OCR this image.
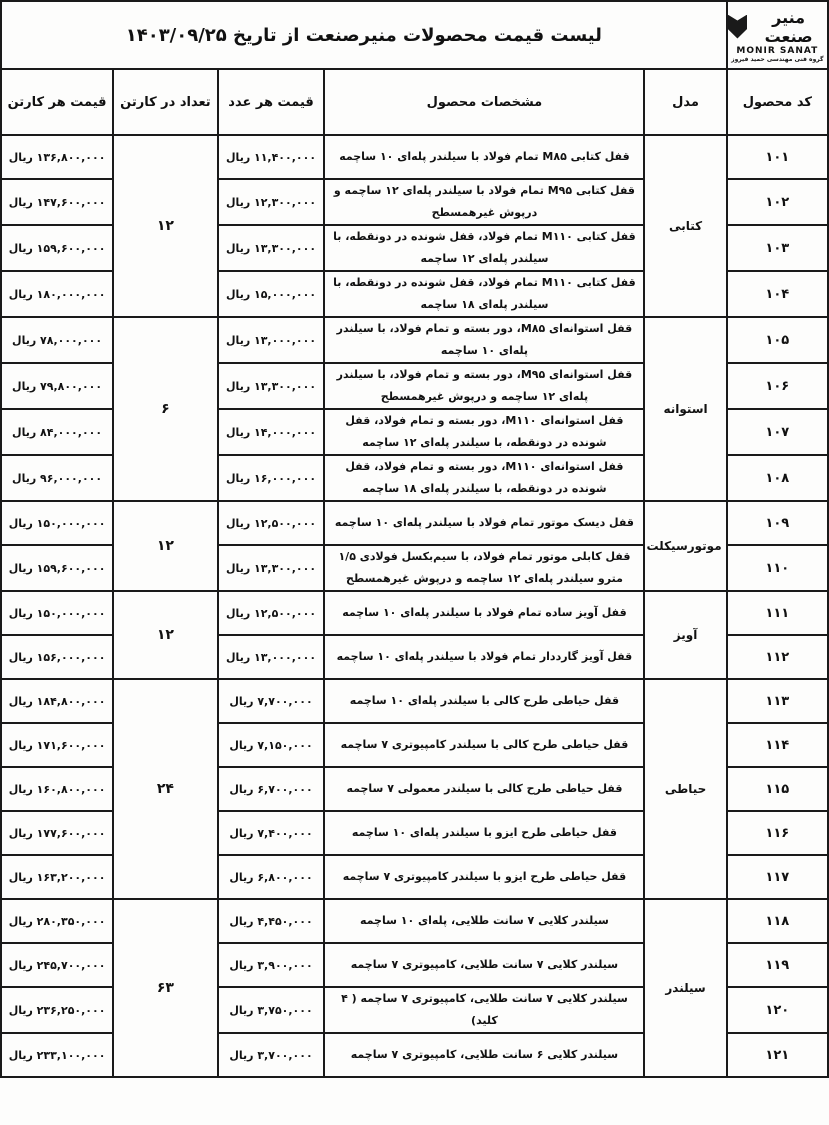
منیر صنعت
MONIR SANAT
گروه فنی مهندسی حمید فیروز	لیست قیمت محصولات منیرصنعت از تاریخ ۱۴۰۳/۰۹/۲۵				
کد محصول	مدل	مشخصات محصول	قیمت هر عدد	تعداد در کارتن	قیمت هر کارتن
۱۰۱	کتابی	قفل کتابی M۸۵ تمام فولاد با سیلندر پله‌ای ۱۰ ساچمه	۱۱,۴۰۰,۰۰۰ ریال	۱۲	۱۳۶,۸۰۰,۰۰۰ ریال
۱۰۲		قفل کتابی M۹۵ تمام فولاد با سیلندر پله‌ای ۱۲ ساچمه و درپوش غیرهمسطح	۱۲,۳۰۰,۰۰۰ ریال		۱۴۷,۶۰۰,۰۰۰ ریال
۱۰۳		قفل کتابی M۱۱۰ تمام فولاد، قفل شونده در دونقطه، با سیلندر پله‌ای ۱۲ ساچمه	۱۳,۳۰۰,۰۰۰ ریال		۱۵۹,۶۰۰,۰۰۰ ریال
۱۰۴		قفل کتابی M۱۱۰ تمام فولاد، قفل شونده در دونقطه، با سیلندر پله‌ای ۱۸ ساچمه	۱۵,۰۰۰,۰۰۰ ریال		۱۸۰,۰۰۰,۰۰۰ ریال
۱۰۵	استوانه	قفل استوانه‌ای M۸۵، دور بسته و تمام فولاد، با سیلندر پله‌ای ۱۰ ساچمه	۱۳,۰۰۰,۰۰۰ ریال	۶	۷۸,۰۰۰,۰۰۰ ریال
۱۰۶		قفل استوانه‌ای M۹۵، دور بسته و تمام فولاد، با سیلندر پله‌ای ۱۲ ساچمه و درپوش غیرهمسطح	۱۳,۳۰۰,۰۰۰ ریال		۷۹,۸۰۰,۰۰۰ ریال
۱۰۷		قفل استوانه‌ای M۱۱۰، دور بسته و تمام فولاد، قفل شونده در دونقطه، با سیلندر پله‌ای ۱۲ ساچمه	۱۴,۰۰۰,۰۰۰ ریال		۸۴,۰۰۰,۰۰۰ ریال
۱۰۸		قفل استوانه‌ای M۱۱۰، دور بسته و تمام فولاد، قفل شونده در دونقطه، با سیلندر پله‌ای ۱۸ ساچمه	۱۶,۰۰۰,۰۰۰ ریال		۹۶,۰۰۰,۰۰۰ ریال
۱۰۹	موتورسیکلت	قفل دیسک موتور تمام فولاد با سیلندر پله‌ای ۱۰ ساچمه	۱۲,۵۰۰,۰۰۰ ریال	۱۲	۱۵۰,۰۰۰,۰۰۰ ریال
۱۱۰		قفل کابلی موتور تمام فولاد، با سیم‌بکسل فولادی ۱/۵ مترو سیلندر پله‌ای ۱۲ ساچمه و درپوش غیرهمسطح	۱۳,۳۰۰,۰۰۰ ریال		۱۵۹,۶۰۰,۰۰۰ ریال
۱۱۱	آویز	قفل آویز ساده تمام فولاد با سیلندر پله‌ای ۱۰ ساچمه	۱۲,۵۰۰,۰۰۰ ریال	۱۲	۱۵۰,۰۰۰,۰۰۰ ریال
۱۱۲		قفل آویز گارددار تمام فولاد با سیلندر پله‌ای ۱۰ ساچمه	۱۳,۰۰۰,۰۰۰ ریال		۱۵۶,۰۰۰,۰۰۰ ریال
۱۱۳	حیاطی	قفل حیاطی طرح کالی با سیلندر پله‌ای ۱۰ ساچمه	۷,۷۰۰,۰۰۰ ریال	۲۴	۱۸۴,۸۰۰,۰۰۰ ریال
۱۱۴		قفل حیاطی طرح کالی با سیلندر کامپیوتری ۷ ساچمه	۷,۱۵۰,۰۰۰ ریال		۱۷۱,۶۰۰,۰۰۰ ریال
۱۱۵		قفل حیاطی طرح کالی با سیلندر معمولی ۷ ساچمه	۶,۷۰۰,۰۰۰ ریال		۱۶۰,۸۰۰,۰۰۰ ریال
۱۱۶		قفل حیاطی طرح ایزو با سیلندر پله‌ای ۱۰ ساچمه	۷,۴۰۰,۰۰۰ ریال		۱۷۷,۶۰۰,۰۰۰ ریال
۱۱۷		قفل حیاطی طرح ایزو با سیلندر کامپیوتری ۷ ساچمه	۶,۸۰۰,۰۰۰ ریال		۱۶۳,۲۰۰,۰۰۰ ریال
۱۱۸	سیلندر	سیلندر کلایی ۷ سانت طلایی، پله‌ای ۱۰ ساچمه	۴,۴۵۰,۰۰۰ ریال	۶۳	۲۸۰,۳۵۰,۰۰۰ ریال
۱۱۹		سیلندر کلایی ۷ سانت طلایی، کامپیوتری ۷ ساچمه	۳,۹۰۰,۰۰۰ ریال		۲۴۵,۷۰۰,۰۰۰ ریال
۱۲۰		سیلندر کلایی ۷ سانت طلایی، کامپیوتری ۷ ساچمه ( ۴ کلید)	۳,۷۵۰,۰۰۰ ریال		۲۳۶,۲۵۰,۰۰۰ ریال
۱۲۱		سیلندر کلایی ۶ سانت طلایی، کامپیوتری ۷ ساچمه	۳,۷۰۰,۰۰۰ ریال		۲۳۳,۱۰۰,۰۰۰ ریال
